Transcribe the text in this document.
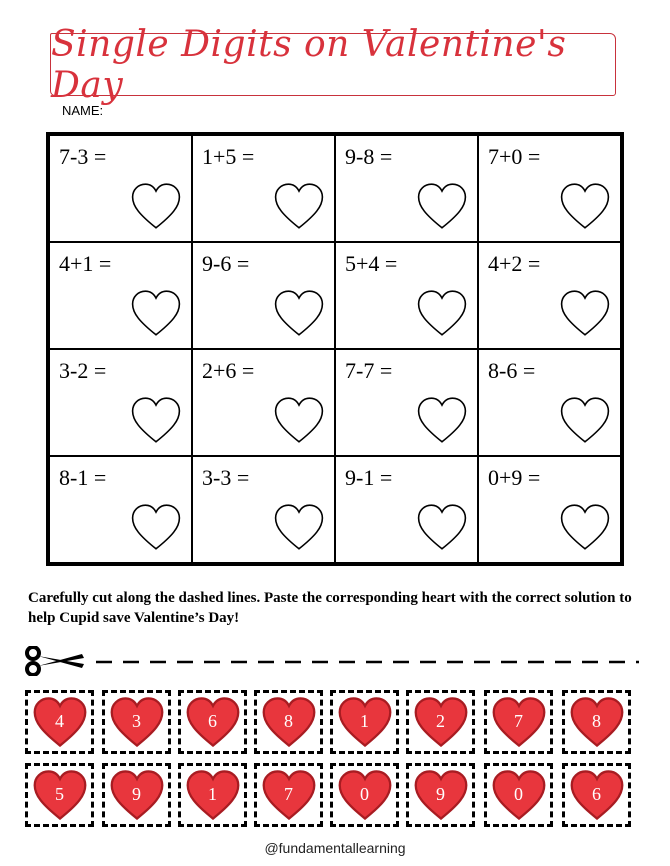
Single Digits on Valentine's Day
NAME:
7-3 =	1+5 =	9-8 =	7+0 =
4+1 =	9-6 =	5+4 =	4+2 =
3-2 =	2+6 =	7-7 =	8-6 =
8-1 =	3-3 =	9-1 =	0+9 =
Carefully cut along the dashed lines. Paste the corresponding heart with the correct solution to help Cupid save Valentine’s Day!
4	3	6	8	1	2	7	8
5	9	1	7	0	9	0	6
@fundamentallearning
